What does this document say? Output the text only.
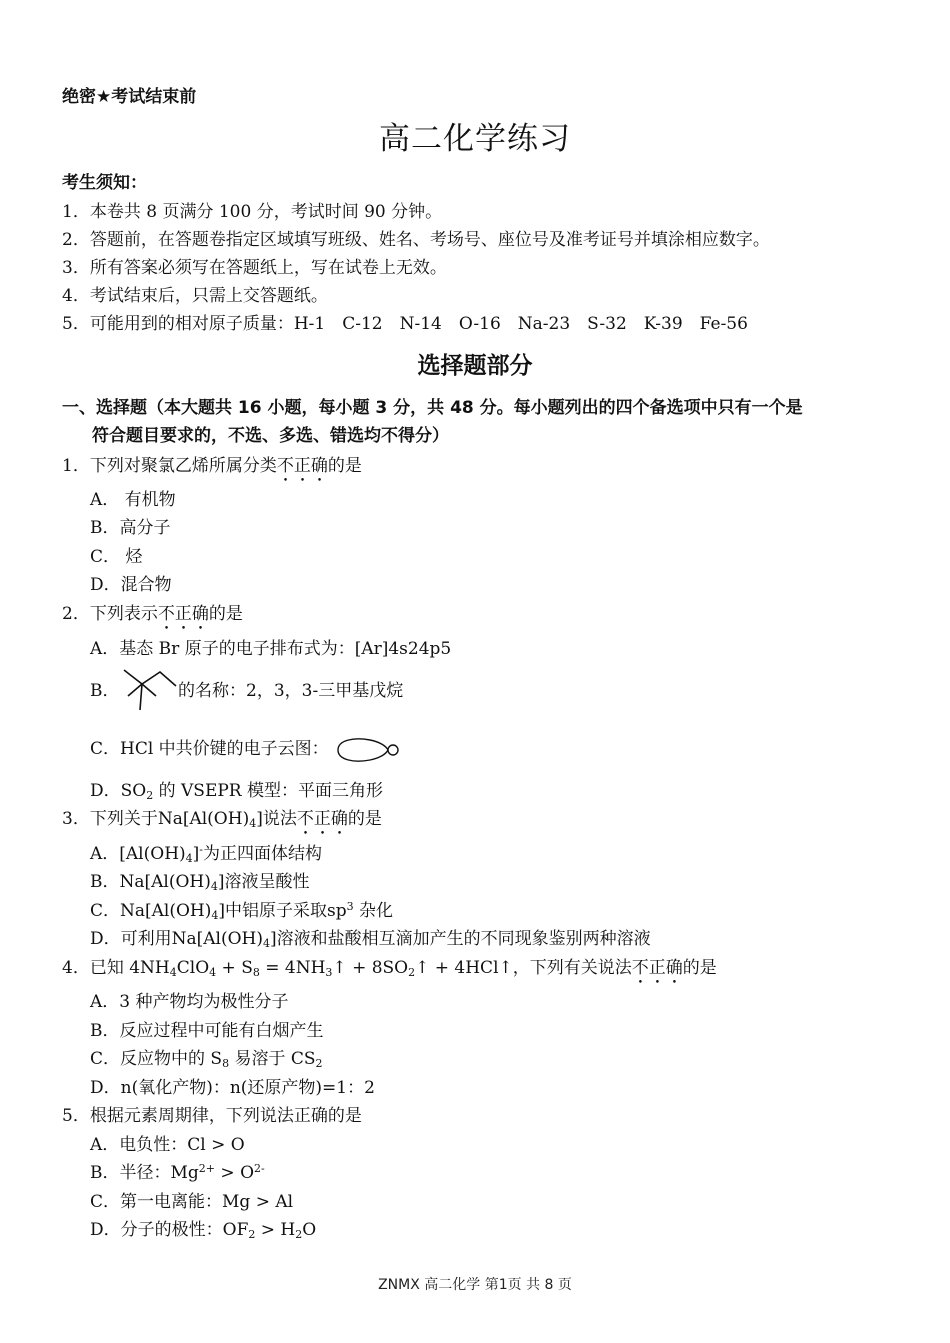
绝密★考试结束前
高二化学练习
考生须知：
1．本卷共 8 页满分 100 分，考试时间 90 分钟。
2．答题前，在答题卷指定区域填写班级、姓名、考场号、座位号及准考证号并填涂相应数字。
3．所有答案必须写在答题纸上，写在试卷上无效。
4．考试结束后，只需上交答题纸。
5．可能用到的相对原子质量：H-1　C-12　N-14　O-16　Na-23　S-32　K-39　Fe-56
选择题部分
一、选择题（本大题共 16 小题，每小题 3 分，共 48 分。每小题列出的四个备选项中只有一个是
符合题目要求的，不选、多选、错选均不得分）
1．下列对聚氯乙烯所属分类不正确的是
A． 有机物
B．高分子
C． 烃
D．混合物
2．下列表示不正确的是
A．基态 Br 原子的电子排布式为：[Ar]4s24p5
B．	的名称：2，3，3-三甲基戊烷
C．HCl 中共价键的电子云图：
D．$SO_2$ 的 VSEPR 模型：平面三角形
3．下列关于$Na[Al(OH)_4]$说法不正确的是
A．$[Al(OH)_4]^-$为正四面体结构
B．$Na[Al(OH)_4]$溶液呈酸性
C．$Na[Al(OH)_4]$中铝原子采取$sp^3$ 杂化
D．可利用$Na[Al(OH)_4]$溶液和盐酸相互滴加产生的不同现象鉴别两种溶液
4．已知 $4NH_4ClO_4 + S_8$ = $4NH_3↑$ + $8SO_2↑$ + 4HCl↑，下列有关说法不正确的是
A．3 种产物均为极性分子
B．反应过程中可能有白烟产生
C．反应物中的 $S_8$ 易溶于 $CS_2$
D．n(氧化产物)：n(还原产物)=1：2
5．根据元素周期律，下列说法正确的是
A．电负性：Cl > O
B．半径：$Mg^{2+} > O^{2-}$
C．第一电离能：Mg > Al
D．分子的极性：$OF_2 > H_2O$
ZNMX 高二化学 第1页 共 8 页
